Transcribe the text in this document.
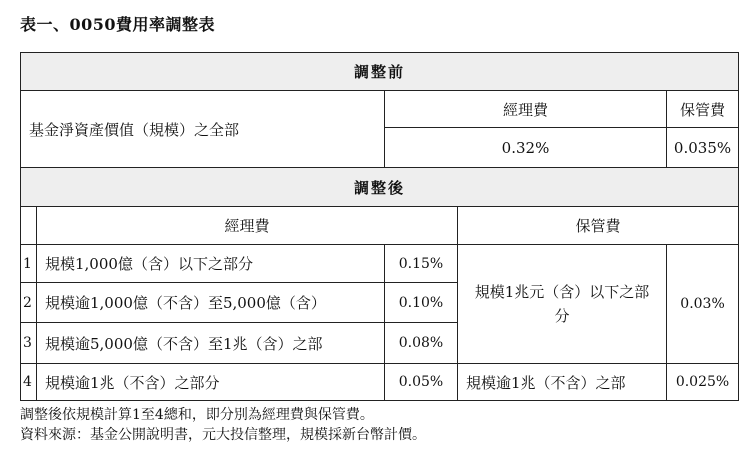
表一、0050費用率調整表
調整前				
基金淨資產價值（規模）之全部		經理費		保管費
		0.32%		0.035%
調整後				
	經理費		保管費	
1	規模1,000億（含）以下之部分	0.15%	規模1兆元（含）以下之部分	0.03%
2	規模逾1,000億（不含）至5,000億（含）	0.10%		
3	規模逾5,000億（不含）至1兆（含）之部	0.08%		
4	規模逾1兆（不含）之部分	0.05%	規模逾1兆（不含）之部	0.025%
調整後依規模計算1至4總和，即分別為經理費與保管費。
資料來源：基金公開說明書，元大投信整理，規模採新台幣計價。
